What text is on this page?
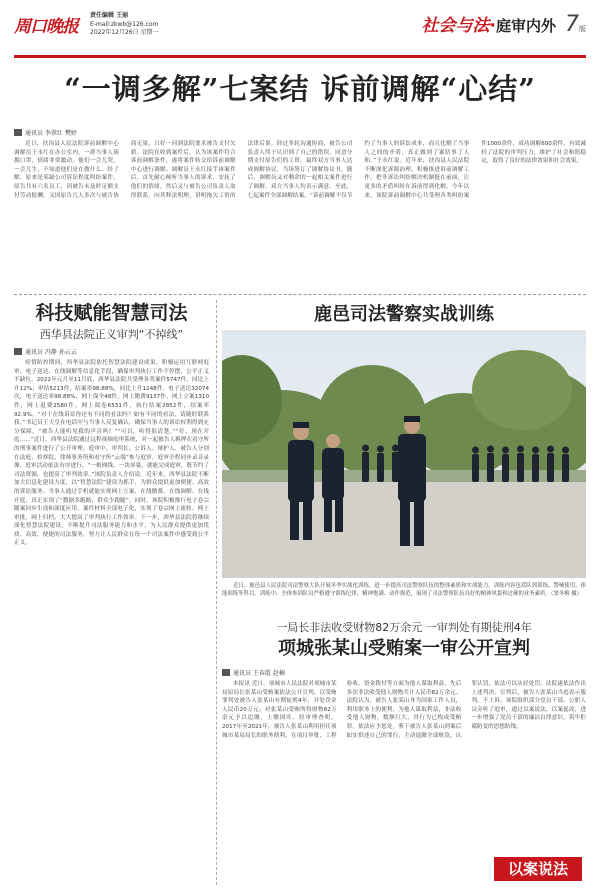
周口晚报
责任编辑 王丽
E-mail:zkwb@126.com
2022年12月26日 星期一	社会与法·庭审内外 7版
“一调多解”七案结 诉前调解“心结”
通讯员 李翠红 樊婷

近日，扶沟县人民法院诉前调解中心调解员王永红在办公室内，一群当事人簇拥口罩，情绪非常激动。他们一会儿哭，一会儿生，不知道他们是在做什么。经了解，原来是某缺公司诉讼程度纠纷案件，原告共有六名员工，因被告未及时足额支付劳动报酬，又因原告几人多次与被告协商无果，只好一同到法院要求被告支付欠薪。法院在收到案件后，认为该案件符合诉前调解条件，遂将案件转交给诉前调解中心进行调解。调解员王永红接手该案件后，首先耐心倾听当事人的诉求，安抚了他们的情绪，然后又与被告公司负责人取得联系，向其释法明理，讲明拖欠工资的法律后果。经过多轮沟通协商，被告公司负责人终于认识到了自己的错误，同意分期支付原告们的工资。最终双方当事人达成调解协议，当场签订了调解协议书。随后，调解员又对剩余的一起相关案件进行了调解，双方当事人均表示满意。至此，七起案件全部调解结案。“诉前调解不仅节约了当事人的诉讼成本，而且化解了当事人之间的矛盾，真正做到了案结事了人和。”王永红说。近年来，扶沟县人民法院不断深化诉源治理，积极推进诉前调解工作，把非诉讼纠纷解决机制挺在前面，让更多的矛盾纠纷在诉前得到化解。今年以来，该院诉前调解中心共受理各类纠纷案件1000余件，成功调解600余件，有效减轻了法院的审判压力，维护了社会和谐稳定，取得了良好的法律效果和社会效果。

科技赋能智慧司法
西华县法院正义审判“不掉线”
通讯员 冯静 孙云云

疫情防控期间，西华县法院依托智慧法院建设成果，积极运用互联网庭审、电子送达、在线调解等信息化手段，确保审判执行工作不停摆、公平正义不缺位。2022年元月至11月底，西华县法院共受理各类案件5747件，同比上升12%；审结5213件，结案率98.88%，同比上升1248件。电子送达32074次，电子送达率98.88%，网上保全48件，网上缴费9137件，网上立案1310件，网上退费2580件，网上阅卷6531件，执行结案2852件，结案率92.9%。“对于在线诉讼你还有不同的看法吗？如有不同的看法，请随时联系我。”书记员王天皇在电话中与当事人反复确认，确保当事人的诉讼权利得到充分保障。“被告人能听见我的声音吗？”“可以，听得很清楚。”“好，现在开庭……”近日，西华县法院通过远程视频庭审系统，对一起被告人羁押在看守所的刑事案件进行了公开审理。庭审中，审判长、公诉人、辩护人、被告人分别在法庭、检察院、律师事务所和看守所“云端”参与庭审，庭审全程同步录音录像，庭审活动依法有序进行。“一根网线、一块屏幕，就能完成庭审，既节约了司法资源，也提高了审判效率。”该院负责人介绍说。近年来，西华县法院不断加大信息化建设力度，以“智慧法院”建设为抓手，为群众提供更加便捷、高效的诉讼服务。当事人通过手机就能实现网上立案、在线缴费、在线调解、在线开庭，真正实现了“数据多跑路，群众少跑腿”。同时，该院积极推行电子卷宗随案同步生成和深度应用，案件材料全部电子化，实现了卷宗网上流转、网上审批、网上归档，大大提高了审判执行工作效率。下一步，西华县法院将继续深化智慧法院建设，不断提升司法服务能力和水平，为人民群众提供更加优质、高效、便捷的司法服务，努力让人民群众在每一个司法案件中感受到公平正义。

鹿邑司法警察实战训练

近日，鹿邑县人民法院司法警察大队开展冬季实战化训练，进一步提高司法警察队伍的整体素质和实战能力。训练内容包括队列训练、警械使用、体能训练等科目。训练中，全体参训队员严格遵守训练纪律，精神饱满、动作规范，展现了司法警察队伍良好的精神风貌和过硬的业务素质。（窦冬梅 摄）

一局长非法收受财物82万余元 一审判处有期徒刑4年
项城张某山受贿案一审公开宣判
通讯员 王春霞 赵楠

本报讯 近日，项城市人民法院对项城市某局原局长张某山受贿案依法公开宣判，以受贿罪判处被告人张某山有期徒刑4年，并处罚金人民币20万元；对张某山受贿所得财物82万余元予以追缴，上缴国库。经审理查明，2017年至2021年，被告人张某山利用担任项城市某局局长的职务便利，在项目审批、工程验收、资金拨付等方面为他人谋取利益，先后多次非法收受他人财物共计人民币82万余元。法院认为，被告人张某山身为国家工作人员，利用职务上的便利，为他人谋取利益，非法收受他人财物，数额巨大，其行为已构成受贿罪，依法应予惩处。鉴于被告人张某山到案后如实供述自己的罪行，主动退缴全部赃款，认罪认罚，依法可以从轻处罚。法院遂依法作出上述判决。宣判后，被告人张某山当庭表示服判，不上诉。该院组织部分党员干部、公职人员旁听了庭审，通过以案说法，以案促改，进一步增强了党员干部的廉洁自律意识，筑牢拒腐防变的思想防线。

以案说法
